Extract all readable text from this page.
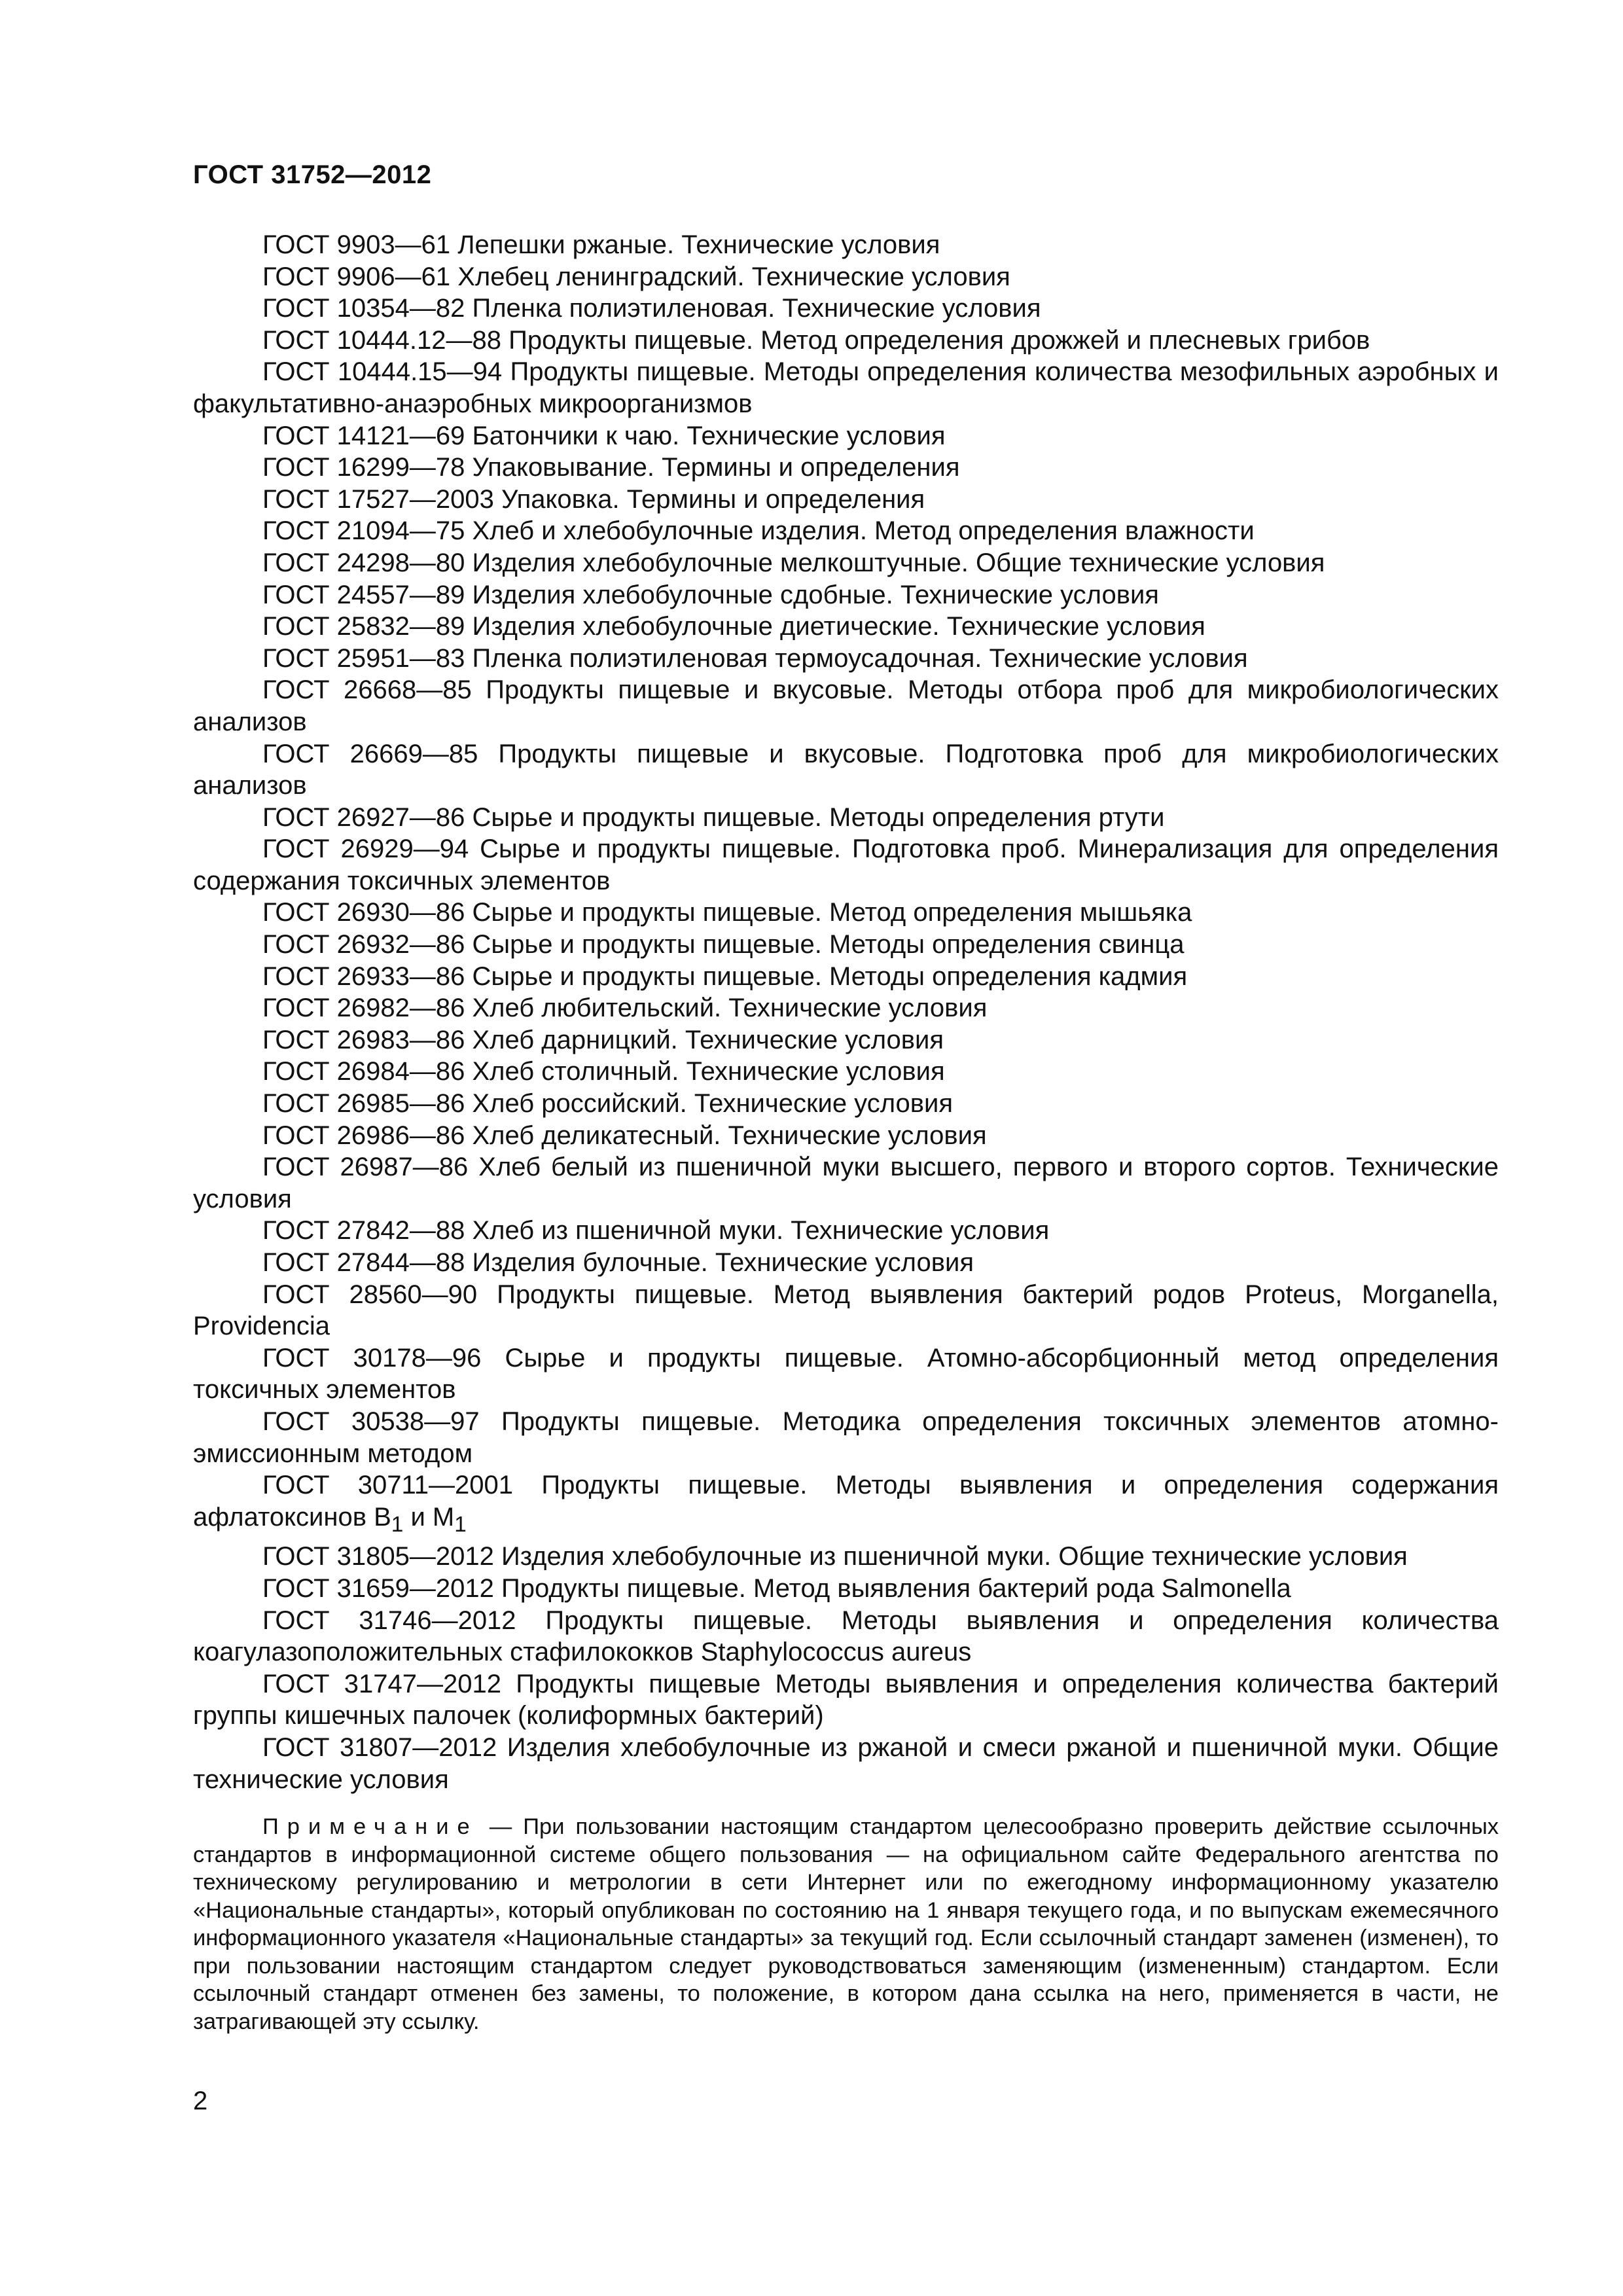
ГОСТ 31752—2012
ГОСТ 9903—61 Лепешки ржаные. Технические условия
ГОСТ 9906—61 Хлебец ленинградский. Технические условия
ГОСТ 10354—82 Пленка полиэтиленовая. Технические условия
ГОСТ 10444.12—88 Продукты пищевые. Метод определения дрожжей и плесневых грибов
ГОСТ 10444.15—94 Продукты пищевые. Методы определения количества мезофильных аэробных и факультативно-анаэробных микроорганизмов
ГОСТ 14121—69 Батончики к чаю. Технические условия
ГОСТ 16299—78 Упаковывание. Термины и определения
ГОСТ 17527—2003 Упаковка. Термины и определения
ГОСТ 21094—75 Хлеб и хлебобулочные изделия. Метод определения влажности
ГОСТ 24298—80 Изделия хлебобулочные мелкоштучные. Общие технические условия
ГОСТ 24557—89 Изделия хлебобулочные сдобные. Технические условия
ГОСТ 25832—89 Изделия хлебобулочные диетические. Технические условия
ГОСТ 25951—83 Пленка полиэтиленовая термоусадочная. Технические условия
ГОСТ 26668—85 Продукты пищевые и вкусовые. Методы отбора проб для микробиологических анализов
ГОСТ 26669—85 Продукты пищевые и вкусовые. Подготовка проб для микробиологических анализов
ГОСТ 26927—86 Сырье и продукты пищевые. Методы определения ртути
ГОСТ 26929—94 Сырье и продукты пищевые. Подготовка проб. Минерализация для определения содержания токсичных элементов
ГОСТ 26930—86 Сырье и продукты пищевые. Метод определения мышьяка
ГОСТ 26932—86 Сырье и продукты пищевые. Методы определения свинца
ГОСТ 26933—86 Сырье и продукты пищевые. Методы определения кадмия
ГОСТ 26982—86 Хлеб любительский. Технические условия
ГОСТ 26983—86 Хлеб дарницкий. Технические условия
ГОСТ 26984—86 Хлеб столичный. Технические условия
ГОСТ 26985—86 Хлеб российский. Технические условия
ГОСТ 26986—86 Хлеб деликатесный. Технические условия
ГОСТ 26987—86 Хлеб белый из пшеничной муки высшего, первого и второго сортов. Технические условия
ГОСТ 27842—88 Хлеб из пшеничной муки. Технические условия
ГОСТ 27844—88 Изделия булочные. Технические условия
ГОСТ 28560—90 Продукты пищевые. Метод выявления бактерий родов Proteus, Morganella, Providencia
ГОСТ 30178—96 Сырье и продукты пищевые. Атомно-абсорбционный метод определения токсичных элементов
ГОСТ 30538—97 Продукты пищевые. Методика определения токсичных элементов атомно-эмиссионным методом
ГОСТ 30711—2001 Продукты пищевые. Методы выявления и определения содержания афлатоксинов $B_1$ и $M_1$
ГОСТ 31805—2012 Изделия хлебобулочные из пшеничной муки. Общие технические условия
ГОСТ 31659—2012 Продукты пищевые. Метод выявления бактерий рода Salmonella
ГОСТ 31746—2012 Продукты пищевые. Методы выявления и определения количества коагулазоположительных стафилококков Staphylococcus aureus
ГОСТ 31747—2012 Продукты пищевые Методы выявления и определения количества бактерий группы кишечных палочек (колиформных бактерий)
ГОСТ 31807—2012 Изделия хлебобулочные из ржаной и смеси ржаной и пшеничной муки. Общие технические условия
Примечание — При пользовании настоящим стандартом целесообразно проверить действие ссылочных стандартов в информационной системе общего пользования — на официальном сайте Федерального агентства по техническому регулированию и метрологии в сети Интернет или по ежегодному информационному указателю «Национальные стандарты», который опубликован по состоянию на 1 января текущего года, и по выпускам ежемесячного информационного указателя «Национальные стандарты» за текущий год. Если ссылочный стандарт заменен (изменен), то при пользовании настоящим стандартом следует руководствоваться заменяющим (измененным) стандартом. Если ссылочный стандарт отменен без замены, то положение, в котором дана ссылка на него, применяется в части, не затрагивающей эту ссылку.
2
